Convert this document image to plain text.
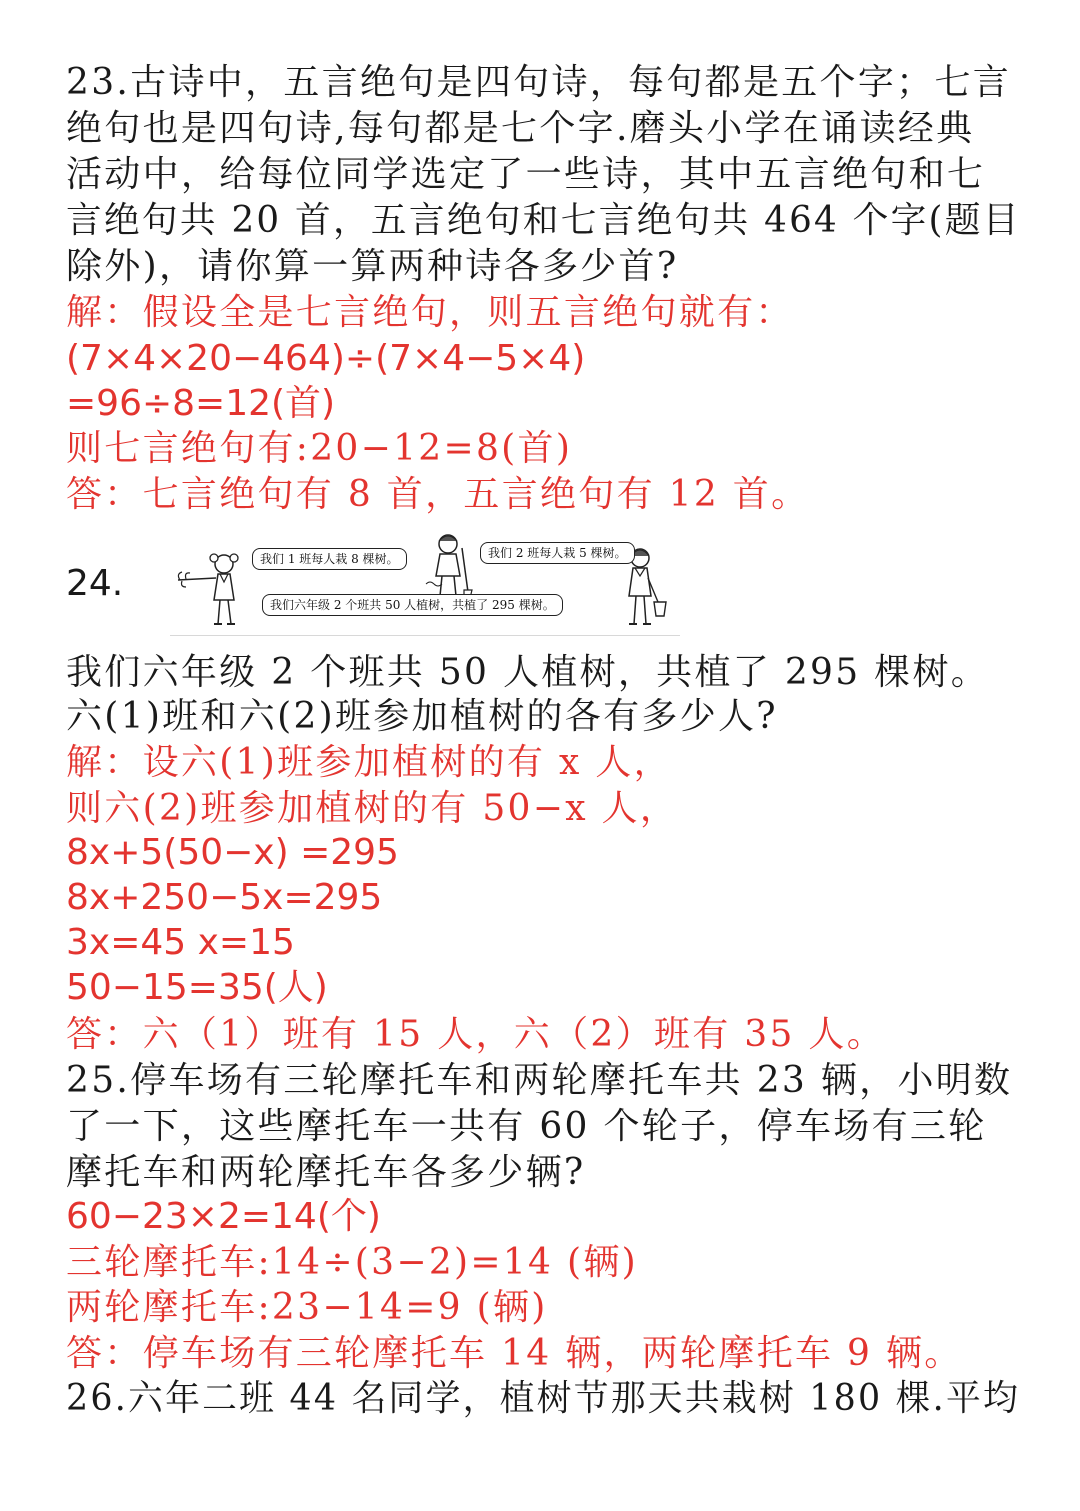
23.古诗中，五言绝句是四句诗，每句都是五个字；七言
绝句也是四句诗,每句都是七个字.磨头小学在诵读经典
活动中，给每位同学选定了一些诗，其中五言绝句和七
言绝句共 20 首，五言绝句和七言绝句共 464 个字(题目
除外)，请你算一算两种诗各多少首?
解：假设全是七言绝句，则五言绝句就有：
(7×4×20−464)÷(7×4−5×4)
=96÷8=12(首)
则七言绝句有:20−12=8(首)
答：七言绝句有 8 首，五言绝句有 12 首。
24.
我们 1 班每人栽 8 棵树。	我们 2 班每人栽 5 棵树。
我们六年级 2 个班共 50 人植树，共植了 295 棵树。
我们六年级 2 个班共 50 人植树，共植了 295 棵树。
六(1)班和六(2)班参加植树的各有多少人?
解：设六(1)班参加植树的有 x 人，
则六(2)班参加植树的有 50−x 人，
8x+5(50−x) =295
8x+250−5x=295
3x=45 x=15
50−15=35(人)
答：六（1）班有 15 人，六（2）班有 35 人。
25.停车场有三轮摩托车和两轮摩托车共 23 辆，小明数
了一下，这些摩托车一共有 60 个轮子，停车场有三轮
摩托车和两轮摩托车各多少辆?
60−23×2=14(个)
三轮摩托车:14÷(3−2)=14 (辆)
两轮摩托车:23−14=9 (辆)
答：停车场有三轮摩托车 14 辆，两轮摩托车 9 辆。
26.六年二班 44 名同学，植树节那天共栽树 180 棵.平均
